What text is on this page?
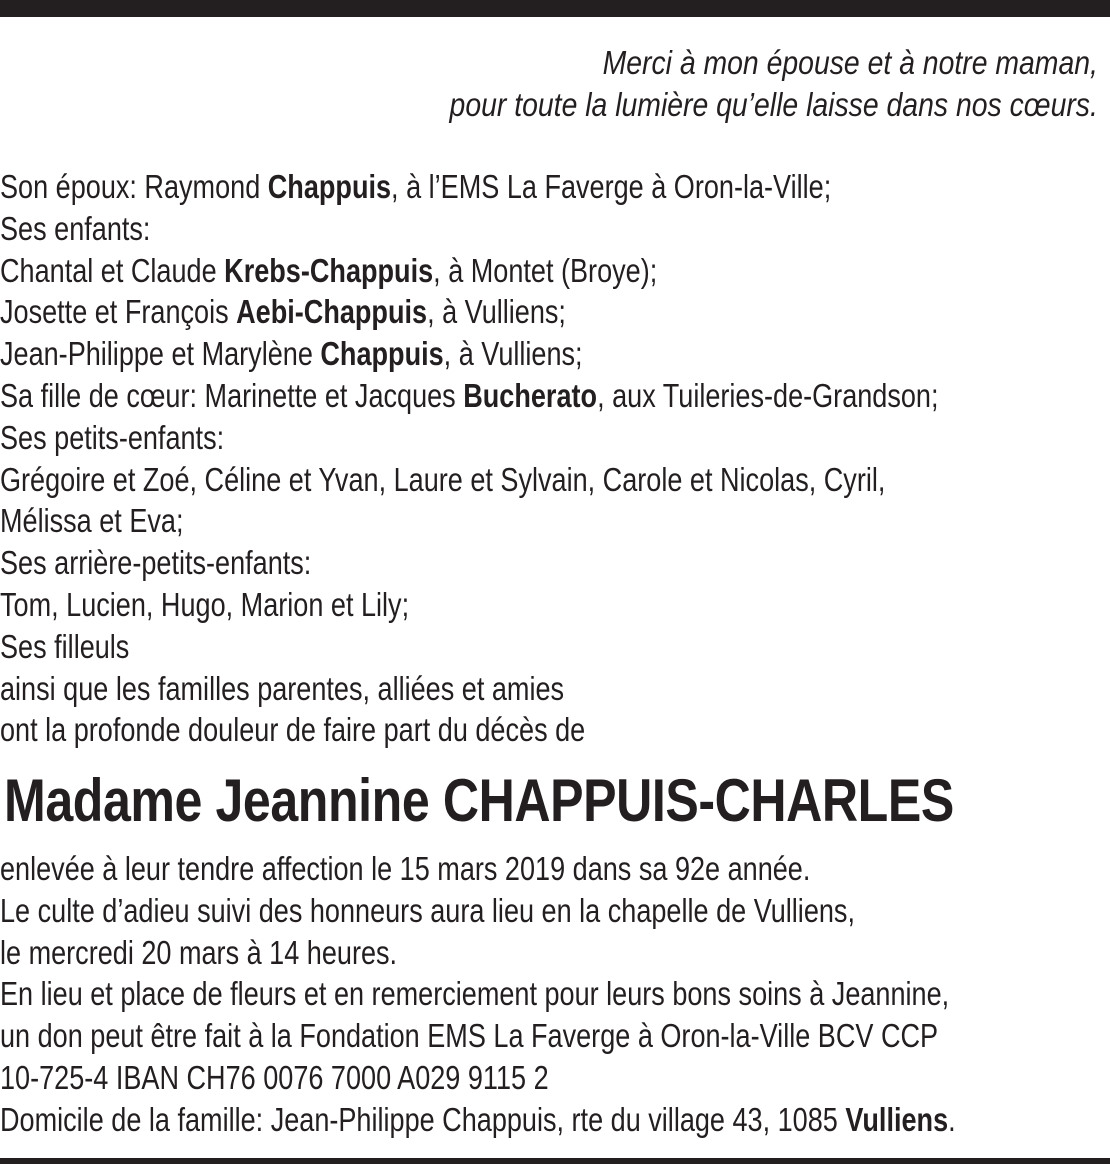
Merci à mon épouse et à notre maman,
pour toute la lumière qu’elle laisse dans nos cœurs.
Son époux: Raymond Chappuis, à l’EMS La Faverge à Oron-la-Ville;
Ses enfants:
Chantal et Claude Krebs-Chappuis, à Montet (Broye);
Josette et François Aebi-Chappuis, à Vulliens;
Jean-Philippe et Marylène Chappuis, à Vulliens;
Sa fille de cœur: Marinette et Jacques Bucherato, aux Tuileries-de-Grandson;
Ses petits-enfants:
Grégoire et Zoé, Céline et Yvan, Laure et Sylvain, Carole et Nicolas, Cyril,
Mélissa et Eva;
Ses arrière-petits-enfants:
Tom, Lucien, Hugo, Marion et Lily;
Ses filleuls
ainsi que les familles parentes, alliées et amies
ont la profonde douleur de faire part du décès de
Madame Jeannine CHAPPUIS-CHARLES
enlevée à leur tendre affection le 15 mars 2019 dans sa 92e année.
Le culte d’adieu suivi des honneurs aura lieu en la chapelle de Vulliens,
le mercredi 20 mars à 14 heures.
En lieu et place de fleurs et en remerciement pour leurs bons soins à Jeannine,
un don peut être fait à la Fondation EMS La Faverge à Oron-la-Ville BCV CCP
10-725-4 IBAN CH76 0076 7000 A029 9115 2
Domicile de la famille: Jean-Philippe Chappuis, rte du village 43, 1085 Vulliens.
